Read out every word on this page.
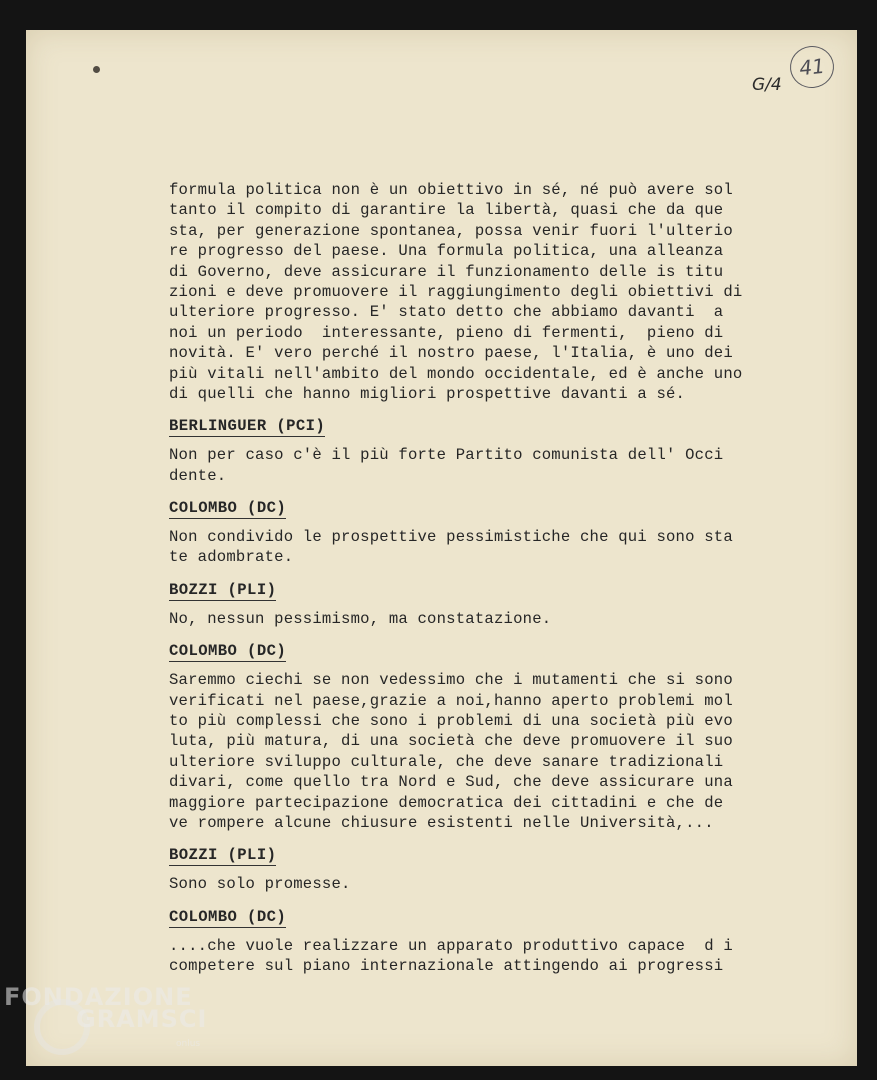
41
G/4
formula politica non è un obiettivo in sé, né può avere sol
tanto il compito di garantire la libertà, quasi che da que
sta, per generazione spontanea, possa venir fuori l'ulterio
re progresso del paese. Una formula politica, una alleanza
di Governo, deve assicurare il funzionamento delle is titu
zioni e deve promuovere il raggiungimento degli obiettivi di
ulteriore progresso. E' stato detto che abbiamo davanti  a
noi un periodo  interessante, pieno di fermenti,  pieno di
novità. E' vero perché il nostro paese, l'Italia, è uno dei
più vitali nell'ambito del mondo occidentale, ed è anche uno
di quelli che hanno migliori prospettive davanti a sé.
BERLINGUER (PCI)
Non per caso c'è il più forte Partito comunista dell' Occi
dente.
COLOMBO (DC)
Non condivido le prospettive pessimistiche che qui sono sta
te adombrate.
BOZZI (PLI)
No, nessun pessimismo, ma constatazione.
COLOMBO (DC)
Saremmo ciechi se non vedessimo che i mutamenti che si sono
verificati nel paese,grazie a noi,hanno aperto problemi mol
to più complessi che sono i problemi di una società più evo
luta, più matura, di una società che deve promuovere il suo
ulteriore sviluppo culturale, che deve sanare tradizionali
divari, come quello tra Nord e Sud, che deve assicurare una
maggiore partecipazione democratica dei cittadini e che de
ve rompere alcune chiusure esistenti nelle Università,...
BOZZI (PLI)
Sono solo promesse.
COLOMBO (DC)
....che vuole realizzare un apparato produttivo capace  d i
competere sul piano internazionale attingendo ai progressi
FONDAZIONE
GRAMSCI
onlus
